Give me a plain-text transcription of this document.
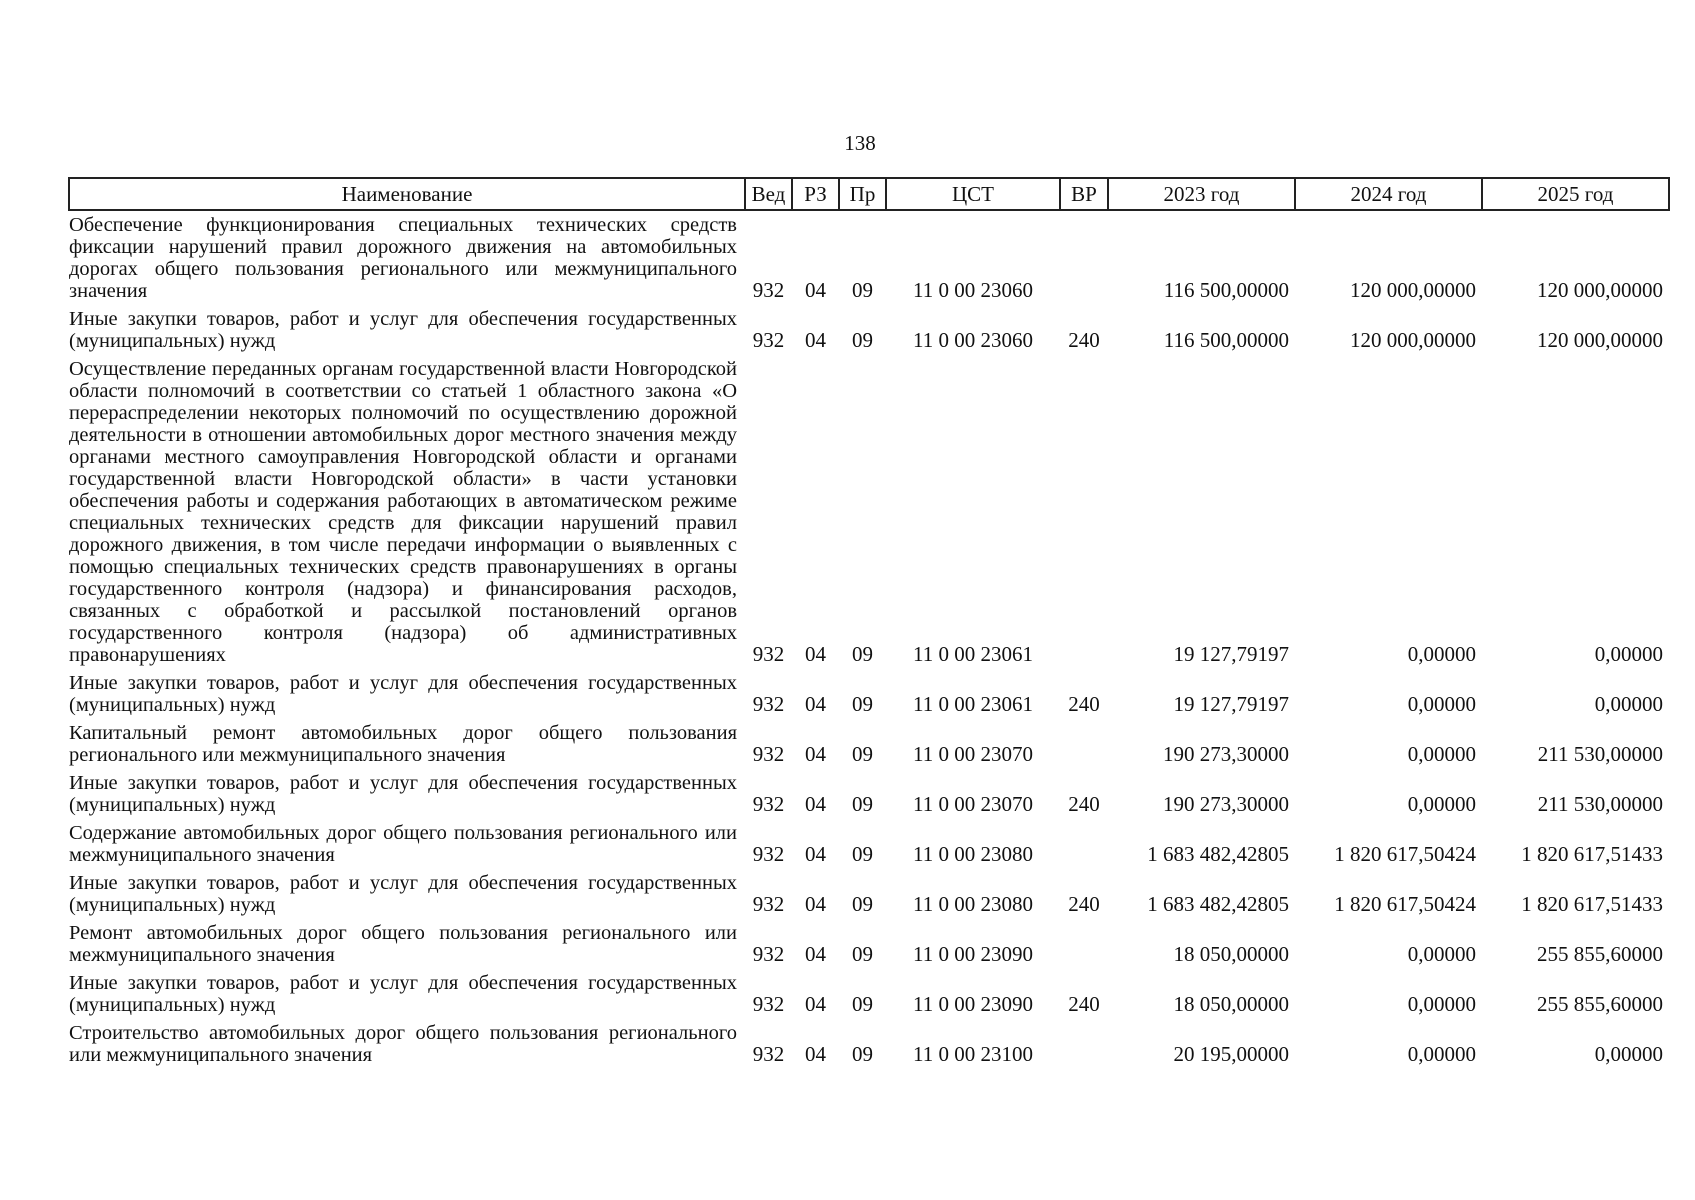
138
Наименование	Вед	РЗ	Пр	ЦСТ	ВР	2023 год	2024 год	2025 год
Обеспечение функционирования специальных технических средств фиксации нарушений правил дорожного движения на автомобильных дорогах общего пользования регионального или межмуниципального значения	932	04	09	11 0 00 23060		116 500,00000	120 000,00000	120 000,00000
Иные закупки товаров, работ и услуг для обеспечения государственных (муниципальных) нужд	932	04	09	11 0 00 23060	240	116 500,00000	120 000,00000	120 000,00000
Осуществление переданных органам государственной власти Новгородской области полномочий в соответствии со статьей 1 областного закона «О перераспределении некоторых полномочий по осуществлению дорожной деятельности в отношении автомобильных дорог местного значения между органами местного самоуправления Новгородской области и органами государственной власти Новгородской области» в части установки обеспечения работы и содержания работающих в автоматическом режиме специальных технических средств для фиксации нарушений правил дорожного движения, в том числе передачи информации о выявленных с помощью специальных технических средств правонарушениях в органы государственного контроля (надзора) и финансирования расходов, связанных с обработкой и рассылкой постановлений органов государственного контроля (надзора) об административных правонарушениях	932	04	09	11 0 00 23061		19 127,79197	0,00000	0,00000
Иные закупки товаров, работ и услуг для обеспечения государственных (муниципальных) нужд	932	04	09	11 0 00 23061	240	19 127,79197	0,00000	0,00000
Капитальный ремонт автомобильных дорог общего пользования регионального или межмуниципального значения	932	04	09	11 0 00 23070		190 273,30000	0,00000	211 530,00000
Иные закупки товаров, работ и услуг для обеспечения государственных (муниципальных) нужд	932	04	09	11 0 00 23070	240	190 273,30000	0,00000	211 530,00000
Содержание автомобильных дорог общего пользования регионального или межмуниципального значения	932	04	09	11 0 00 23080		1 683 482,42805	1 820 617,50424	1 820 617,51433
Иные закупки товаров, работ и услуг для обеспечения государственных (муниципальных) нужд	932	04	09	11 0 00 23080	240	1 683 482,42805	1 820 617,50424	1 820 617,51433
Ремонт автомобильных дорог общего пользования регионального или межмуниципального значения	932	04	09	11 0 00 23090		18 050,00000	0,00000	255 855,60000
Иные закупки товаров, работ и услуг для обеспечения государственных (муниципальных) нужд	932	04	09	11 0 00 23090	240	18 050,00000	0,00000	255 855,60000
Строительство автомобильных дорог общего пользования регионального или межмуниципального значения	932	04	09	11 0 00 23100		20 195,00000	0,00000	0,00000
